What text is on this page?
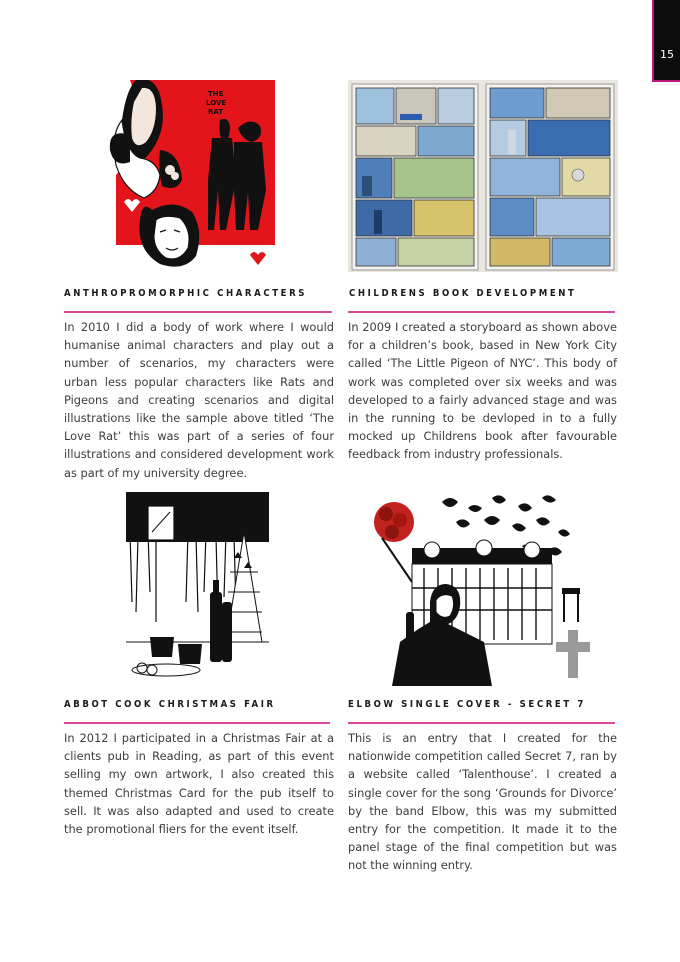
15
THE
LOVE
RAT
ANTHROPROMORPHIC CHARACTERS
In 2010 I did a body of work where I would humanise animal characters and play out a number of scenarios, my characters were urban less popular characters like Rats and Pigeons and creating scenarios and digital illustrations like the sample above titled ‘The Love Rat’ this was part of a series of four illustrations and considered development work as part of my university degree.
CHILDRENS BOOK DEVELOPMENT
In 2009 I created a storyboard as shown above for a children’s book, based in New York City called ‘The Little Pigeon of NYC’. This body of work was completed over six weeks and was developed to a fairly advanced stage and was in the running to be devloped in to a fully mocked up Childrens book after favourable feedback from industry professionals.
ABBOT COOK CHRISTMAS FAIR
In 2012 I participated in a Christmas Fair at a clients pub in Reading, as part of this event selling my own artwork, I also created this themed Christmas Card for the pub itself to sell. It was also adapted and used to create the promotional fliers for the event itself.
ELBOW SINGLE COVER - SECRET 7
This is an entry that I created for the nationwide competition called Secret 7, ran by a website called ‘Talenthouse’. I created a single cover for the song ‘Grounds for Divorce’ by the band Elbow, this was my submitted entry for the competition. It made it to the panel stage of the final competition but was not the winning entry.
